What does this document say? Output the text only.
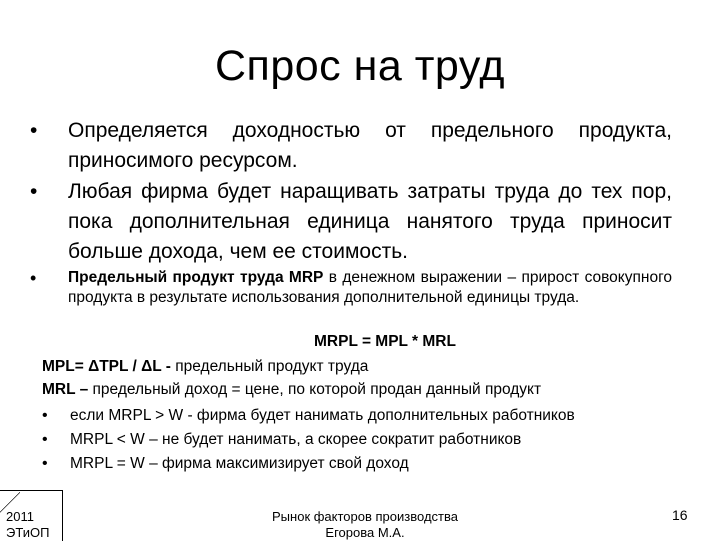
Спрос на труд
• Определяется доходностью от предельного продукта, приносимого ресурсом.
• Любая фирма будет наращивать затраты труда до тех пор, пока дополнительная единица нанятого труда приносит больше дохода, чем ее стоимость.
• Предельный продукт труда MRP в денежном выражении – прирост совокупного продукта в результате использования дополнительной единицы труда.
MRPL = MPL * MRL
MPL= ΔTPL / ΔL - предельный продукт труда
MRL – предельный доход = цене, по которой продан данный продукт
• если MRPL > W - фирма будет нанимать дополнительных работников
• MRPL < W – не будет нанимать, а скорее сократит работников
• MRPL = W – фирма максимизирует свой доход
2011
ЭТиОП
Рынок факторов производства
Егорова М.А.
16
